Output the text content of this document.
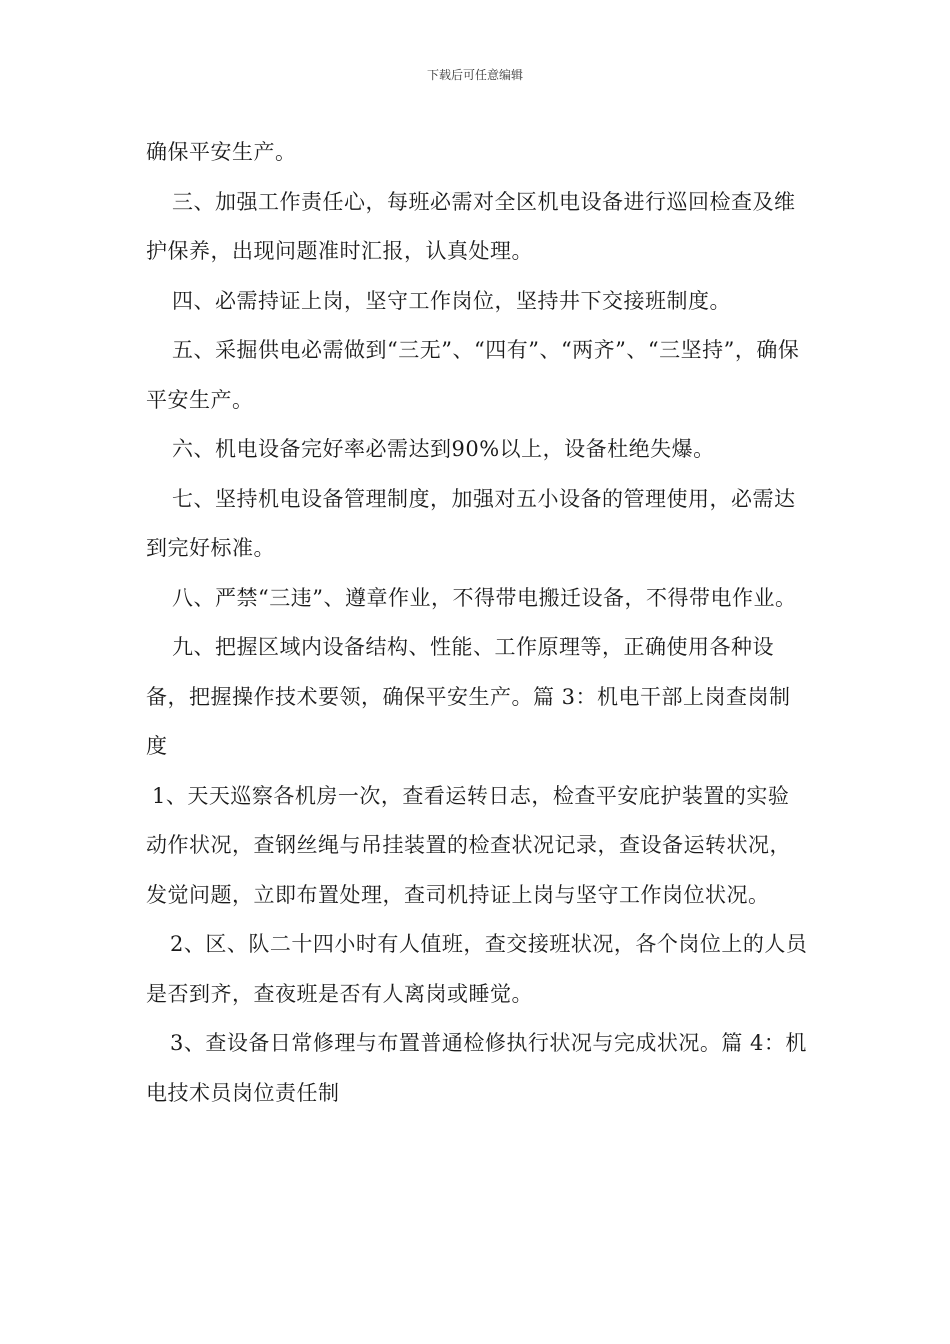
下载后可任意编辑

确保平安生产。

三、加强工作责任心，每班必需对全区机电设备进行巡回检查及维护保养，出现问题准时汇报，认真处理。

四、必需持证上岗，坚守工作岗位，坚持井下交接班制度。

五、采掘供电必需做到“三无”、“四有”、“两齐”、“三坚持”，确保平安生产。

六、机电设备完好率必需达到90%以上，设备杜绝失爆。

七、坚持机电设备管理制度，加强对五小设备的管理使用，必需达到完好标准。

八、严禁“三违”、遵章作业，不得带电搬迁设备，不得带电作业。

九、把握区域内设备结构、性能、工作原理等，正确使用各种设备，把握操作技术要领，确保平安生产。篇 3：机电干部上岗查岗制度

1、天天巡察各机房一次，查看运转日志，检查平安庇护装置的实验动作状况，查钢丝绳与吊挂装置的检查状况记录，查设备运转状况，发觉问题，立即布置处理，查司机持证上岗与坚守工作岗位状况。

2、区、队二十四小时有人值班，查交接班状况，各个岗位上的人员是否到齐，查夜班是否有人离岗或睡觉。

3、查设备日常修理与布置普通检修执行状况与完成状况。篇 4：机电技术员岗位责任制
